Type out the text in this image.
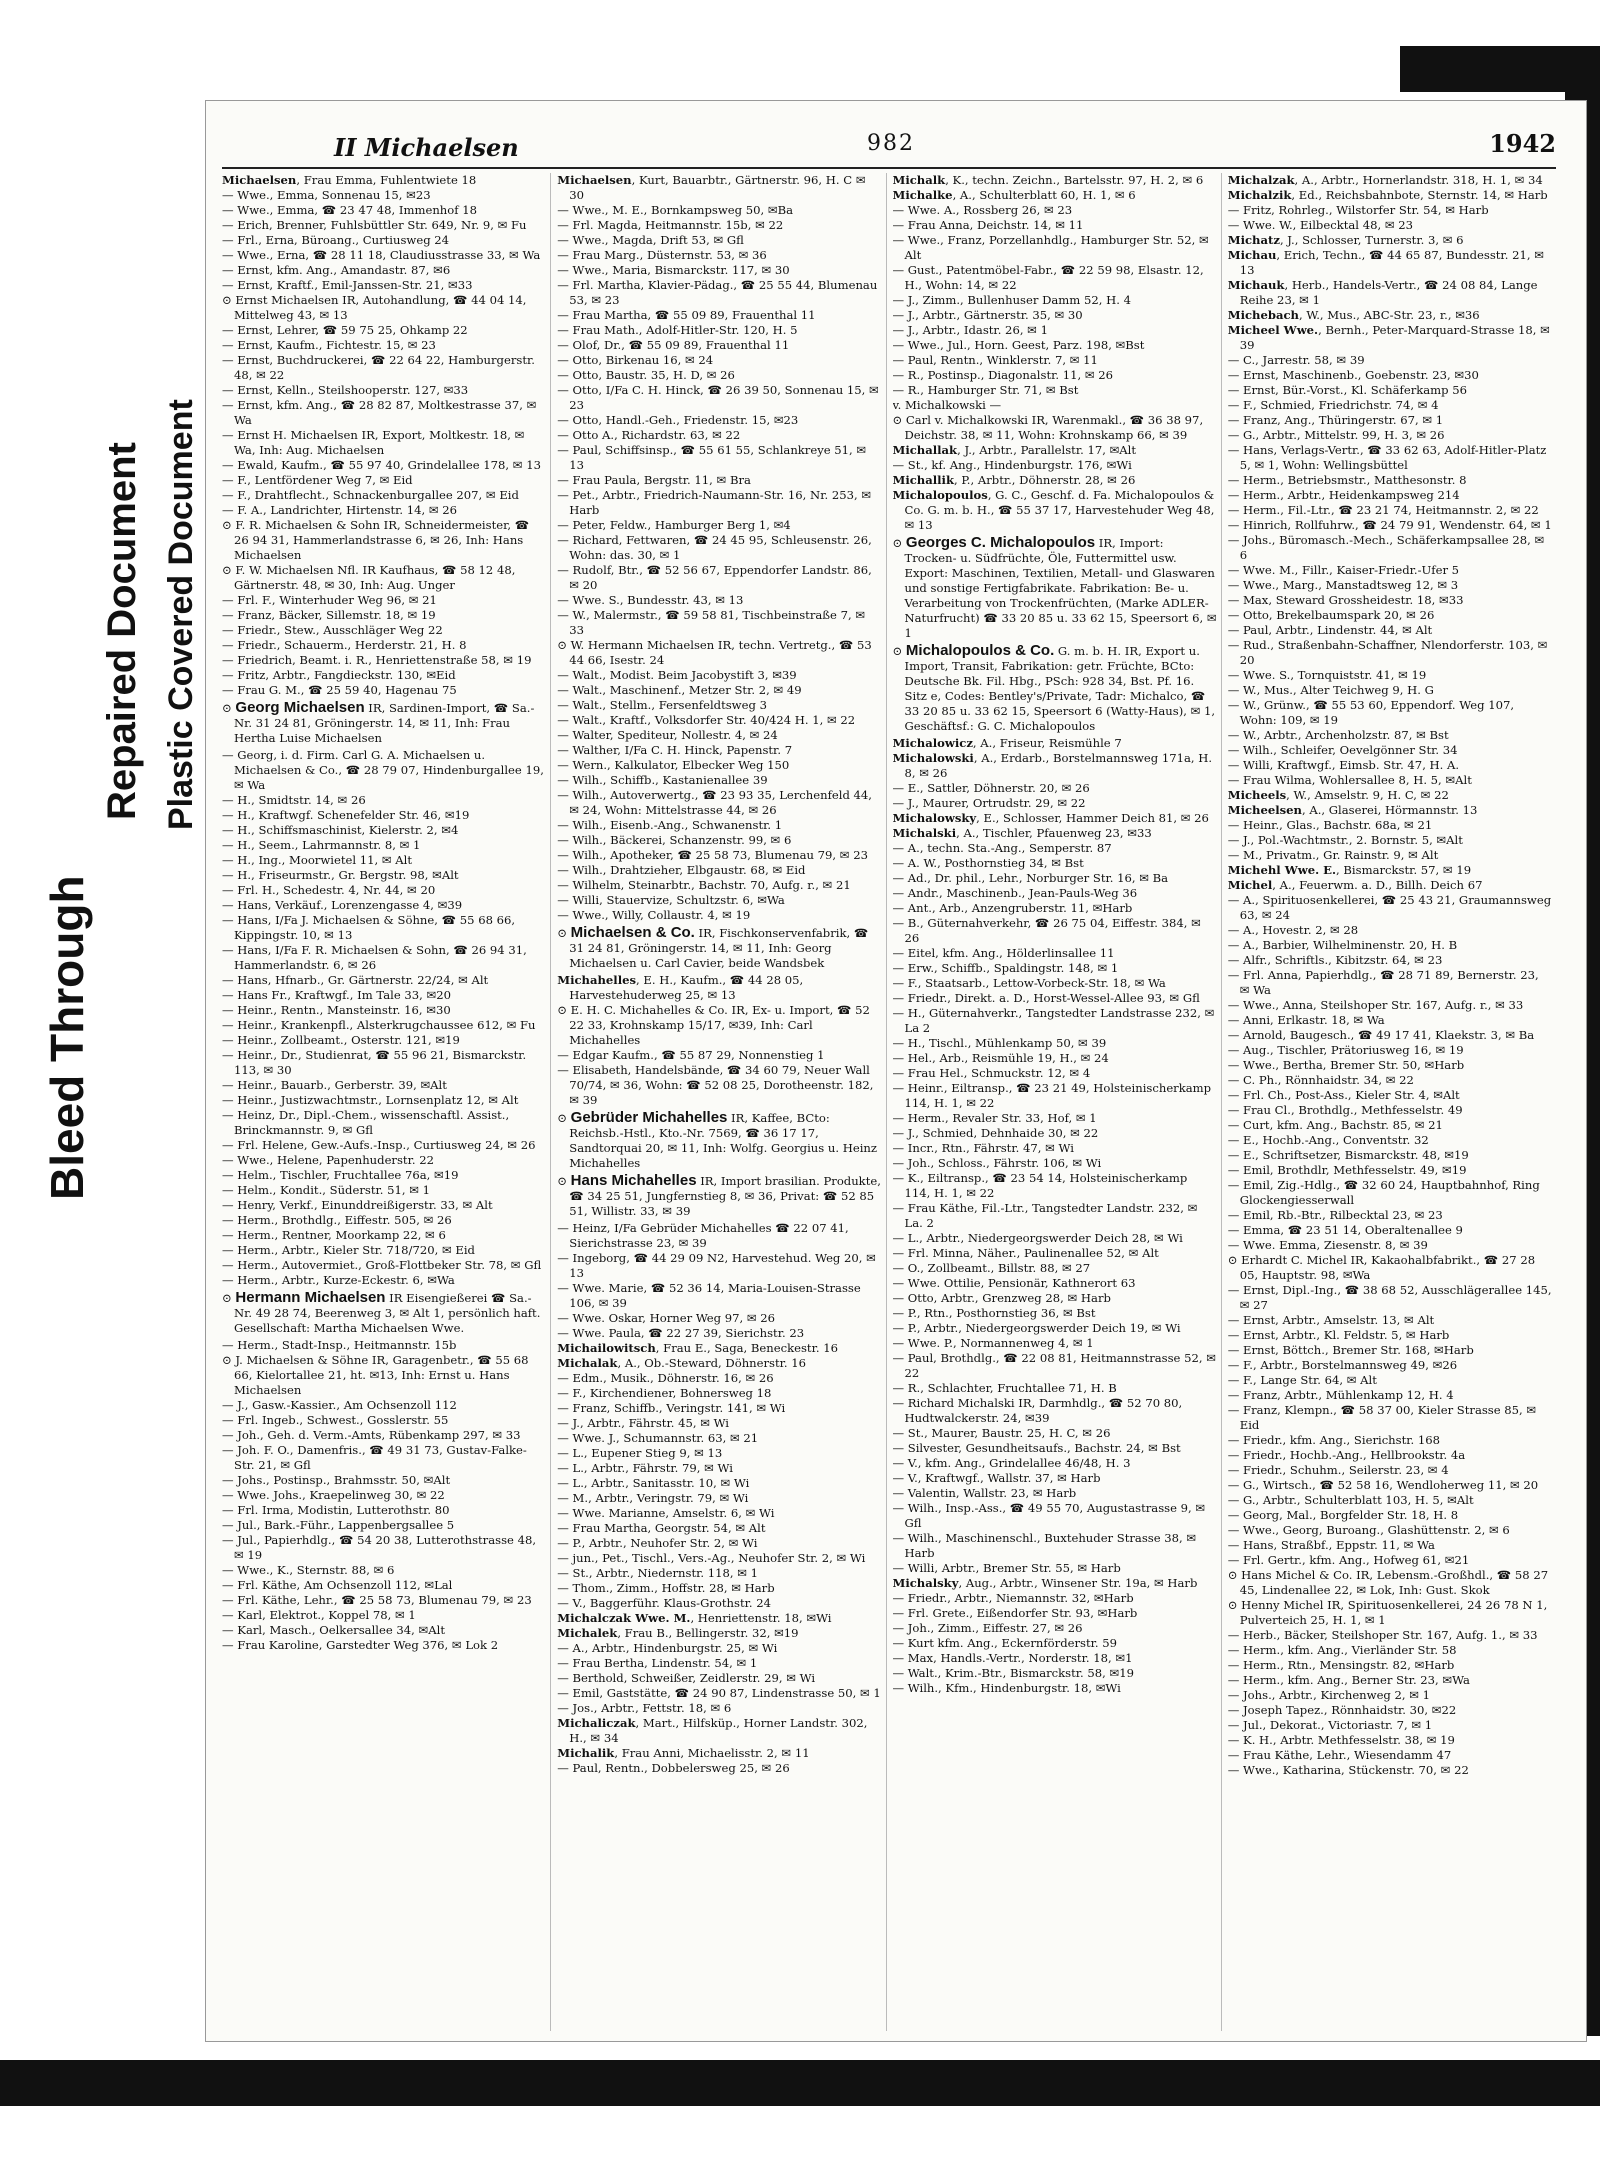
Bleed Through
Repaired Document Plastic Covered Document
II Michaelsen	982	1942

Michaelsen, Frau Emma, Fuhlentwiete 18

— Wwe., Emma, Sonnenau 15, ✉23

— Wwe., Emma, ☎ 23 47 48, Immenhof 18

— Erich, Brenner, Fuhlsbüttler Str. 649, Nr. 9, ✉ Fu

— Frl., Erna, Büroang., Curtiusweg 24

— Wwe., Erna, ☎ 28 11 18, Claudiusstrasse 33, ✉ Wa

— Ernst, kfm. Ang., Amandastr. 87, ✉6

— Ernst, Kraftf., Emil-Janssen-Str. 21, ✉33

⊙ Ernst Michaelsen IR, Autohandlung, ☎ 44 04 14, Mittelweg 43, ✉ 13

— Ernst, Lehrer, ☎ 59 75 25, Ohkamp 22

— Ernst, Kaufm., Fichtestr. 15, ✉ 23

— Ernst, Buchdruckerei, ☎ 22 64 22, Hamburgerstr. 48, ✉ 22

— Ernst, Kelln., Steilshooperstr. 127, ✉33

— Ernst, kfm. Ang., ☎ 28 82 87, Moltkestrasse 37, ✉ Wa

— Ernst H. Michaelsen IR, Export, Moltkestr. 18, ✉ Wa, Inh: Aug. Michaelsen

— Ewald, Kaufm., ☎ 55 97 40, Grindelallee 178, ✉ 13

— F., Lentfördener Weg 7, ✉ Eid

— F., Drahtflecht., Schnackenburgallee 207, ✉ Eid

— F. A., Landrichter, Hirtenstr. 14, ✉ 26

⊙ F. R. Michaelsen & Sohn IR, Schneidermeister, ☎ 26 94 31, Hammerlandstrasse 6, ✉ 26, Inh: Hans Michaelsen

⊙ F. W. Michaelsen Nfl. IR Kaufhaus, ☎ 58 12 48, Gärtnerstr. 48, ✉ 30, Inh: Aug. Unger

— Frl. F., Winterhuder Weg 96, ✉ 21

— Franz, Bäcker, Sillemstr. 18, ✉ 19

— Friedr., Stew., Ausschläger Weg 22

— Friedr., Schauerm., Herderstr. 21, H. 8

— Friedrich, Beamt. i. R., Henriettenstraße 58, ✉ 19

— Fritz, Arbtr., Fangdieckstr. 130, ✉Eid

— Frau G. M., ☎ 25 59 40, Hagenau 75

⊙ Georg Michaelsen IR, Sardinen-Import, ☎ Sa.-Nr. 31 24 81, Gröningerstr. 14, ✉ 11, Inh: Frau Hertha Luise Michaelsen

— Georg, i. d. Firm. Carl G. A. Michaelsen u. Michaelsen & Co., ☎ 28 79 07, Hindenburgallee 19, ✉ Wa

— H., Smidtstr. 14, ✉ 26

— H., Kraftwgf. Schenefelder Str. 46, ✉19

— H., Schiffsmaschinist, Kielerstr. 2, ✉4

— H., Seem., Lahrmannstr. 8, ✉ 1

— H., Ing., Moorwietel 11, ✉ Alt

— H., Friseurmstr., Gr. Bergstr. 98, ✉Alt

— Frl. H., Schedestr. 4, Nr. 44, ✉ 20

— Hans, Verkäuf., Lorenzengasse 4, ✉39

— Hans, I/Fa J. Michaelsen & Söhne, ☎ 55 68 66, Kippingstr. 10, ✉ 13

— Hans, I/Fa F. R. Michaelsen & Sohn, ☎ 26 94 31, Hammerlandstr. 6, ✉ 26

— Hans, Hfnarb., Gr. Gärtnerstr. 22/24, ✉ Alt

— Hans Fr., Kraftwgf., Im Tale 33, ✉20

— Heinr., Rentn., Mansteinstr. 16, ✉30

— Heinr., Krankenpfl., Alsterkrugchaussee 612, ✉ Fu

— Heinr., Zollbeamt., Osterstr. 121, ✉19

— Heinr., Dr., Studienrat, ☎ 55 96 21, Bismarckstr. 113, ✉ 30

— Heinr., Bauarb., Gerberstr. 39, ✉Alt

— Heinr., Justizwachtmstr., Lornsenplatz 12, ✉ Alt

— Heinz, Dr., Dipl.-Chem., wissenschaftl. Assist., Brinckmannstr. 9, ✉ Gfl

— Frl. Helene, Gew.-Aufs.-Insp., Curtiusweg 24, ✉ 26

— Wwe., Helene, Papenhuderstr. 22

— Helm., Tischler, Fruchtallee 76a, ✉19

— Helm., Kondit., Süderstr. 51, ✉ 1

— Henry, Verkf., Einunddreißigerstr. 33, ✉ Alt

— Herm., Brothdlg., Eiffestr. 505, ✉ 26

— Herm., Rentner, Moorkamp 22, ✉ 6

— Herm., Arbtr., Kieler Str. 718/720, ✉ Eid

— Herm., Autovermiet., Groß-Flottbeker Str. 78, ✉ Gfl

— Herm., Arbtr., Kurze-Eckestr. 6, ✉Wa

⊙ Hermann Michaelsen IR Eisengießerei ☎ Sa.-Nr. 49 28 74, Beerenweg 3, ✉ Alt 1, persönlich haft. Gesellschaft: Martha Michaelsen Wwe.

— Herm., Stadt-Insp., Heitmannstr. 15b

⊙ J. Michaelsen & Söhne IR, Garagenbetr., ☎ 55 68 66, Kielortallee 21, ht. ✉13, Inh: Ernst u. Hans Michaelsen

— J., Gasw.-Kassier., Am Ochsenzoll 112

— Frl. Ingeb., Schwest., Gosslerstr. 55

— Joh., Geh. d. Verm.-Amts, Rübenkamp 297, ✉ 33

— Joh. F. O., Damenfris., ☎ 49 31 73, Gustav-Falke-Str. 21, ✉ Gfl

— Johs., Postinsp., Brahmsstr. 50, ✉Alt

— Wwe. Johs., Kraepelinweg 30, ✉ 22

— Frl. Irma, Modistin, Lutterothstr. 80

— Jul., Bark.-Führ., Lappenbergsallee 5

— Jul., Papierhdlg., ☎ 54 20 38, Lutterothstrasse 48, ✉ 19

— Wwe., K., Sternstr. 88, ✉ 6

— Frl. Käthe, Am Ochsenzoll 112, ✉Lal

— Frl. Käthe, Lehr., ☎ 25 58 73, Blumenau 79, ✉ 23

— Karl, Elektrot., Koppel 78, ✉ 1

— Karl, Masch., Oelkersallee 34, ✉Alt

— Frau Karoline, Garstedter Weg 376, ✉ Lok 2

Michaelsen, Kurt, Bauarbtr., Gärtnerstr. 96, H. C ✉ 30

— Wwe., M. E., Bornkampsweg 50, ✉Ba

— Frl. Magda, Heitmannstr. 15b, ✉ 22

— Wwe., Magda, Drift 53, ✉ Gfl

— Frau Marg., Düsternstr. 53, ✉ 36

— Wwe., Maria, Bismarckstr. 117, ✉ 30

— Frl. Martha, Klavier-Pädag., ☎ 25 55 44, Blumenau 53, ✉ 23

— Frau Martha, ☎ 55 09 89, Frauenthal 11

— Frau Math., Adolf-Hitler-Str. 120, H. 5

— Olof, Dr., ☎ 55 09 89, Frauenthal 11

— Otto, Birkenau 16, ✉ 24

— Otto, Baustr. 35, H. D, ✉ 26

— Otto, I/Fa C. H. Hinck, ☎ 26 39 50, Sonnenau 15, ✉ 23

— Otto, Handl.-Geh., Friedenstr. 15, ✉23

— Otto A., Richardstr. 63, ✉ 22

— Paul, Schiffsinsp., ☎ 55 61 55, Schlankreye 51, ✉ 13

— Frau Paula, Bergstr. 11, ✉ Bra

— Pet., Arbtr., Friedrich-Naumann-Str. 16, Nr. 253, ✉ Harb

— Peter, Feldw., Hamburger Berg 1, ✉4

— Richard, Fettwaren, ☎ 24 45 95, Schleusenstr. 26, Wohn: das. 30, ✉ 1

— Rudolf, Btr., ☎ 52 56 67, Eppendorfer Landstr. 86, ✉ 20

— Wwe. S., Bundesstr. 43, ✉ 13

— W., Malermstr., ☎ 59 58 81, Tischbeinstraße 7, ✉ 33

⊙ W. Hermann Michaelsen IR, techn. Vertretg., ☎ 53 44 66, Isestr. 24

— Walt., Modist. Beim Jacobystift 3, ✉39

— Walt., Maschinenf., Metzer Str. 2, ✉ 49

— Walt., Stellm., Fersenfeldtsweg 3

— Walt., Kraftf., Volksdorfer Str. 40/424 H. 1, ✉ 22

— Walter, Spediteur, Nollestr. 4, ✉ 24

— Walther, I/Fa C. H. Hinck, Papenstr. 7

— Wern., Kalkulator, Elbecker Weg 150

— Wilh., Schiffb., Kastanienallee 39

— Wilh., Autoverwertg., ☎ 23 93 35, Lerchenfeld 44, ✉ 24, Wohn: Mittelstrasse 44, ✉ 26

— Wilh., Eisenb.-Ang., Schwanenstr. 1

— Wilh., Bäckerei, Schanzenstr. 99, ✉ 6

— Wilh., Apotheker, ☎ 25 58 73, Blumenau 79, ✉ 23

— Wilh., Drahtzieher, Elbgaustr. 68, ✉ Eid

— Wilhelm, Steinarbtr., Bachstr. 70, Aufg. r., ✉ 21

— Willi, Stauervize, Schultzstr. 6, ✉Wa

— Wwe., Willy, Collaustr. 4, ✉ 19

⊙ Michaelsen & Co. IR, Fischkonservenfabrik, ☎ 31 24 81, Gröningerstr. 14, ✉ 11, Inh: Georg Michaelsen u. Carl Cavier, beide Wandsbek

Michahelles, E. H., Kaufm., ☎ 44 28 05, Harvestehuderweg 25, ✉ 13

⊙ E. H. C. Michahelles & Co. IR, Ex- u. Import, ☎ 52 22 33, Krohnskamp 15/17, ✉39, Inh: Carl Michahelles

— Edgar Kaufm., ☎ 55 87 29, Nonnenstieg 1

— Elisabeth, Handelsbände, ☎ 34 60 79, Neuer Wall 70/74, ✉ 36, Wohn: ☎ 52 08 25, Dorotheenstr. 182, ✉ 39

⊙ Gebrüder Michahelles IR, Kaffee, BCto: Reichsb.-Hstl., Kto.-Nr. 7569, ☎ 36 17 17, Sandtorquai 20, ✉ 11, Inh: Wolfg. Georgius u. Heinz Michahelles

⊙ Hans Michahelles IR, Import brasilian. Produkte, ☎ 34 25 51, Jungfernstieg 8, ✉ 36, Privat: ☎ 52 85 51, Willistr. 33, ✉ 39

— Heinz, I/Fa Gebrüder Michahelles ☎ 22 07 41, Sierichstrasse 23, ✉ 39

— Ingeborg, ☎ 44 29 09 N2, Harvestehud. Weg 20, ✉ 13

— Wwe. Marie, ☎ 52 36 14, Maria-Louisen-Strasse 106, ✉ 39

— Wwe. Oskar, Horner Weg 97, ✉ 26

— Wwe. Paula, ☎ 22 27 39, Sierichstr. 23

Michailowitsch, Frau E., Saga, Beneckestr. 16

Michalak, A., Ob.-Steward, Döhnerstr. 16

— Edm., Musik., Döhnerstr. 16, ✉ 26

— F., Kirchendiener, Bohnersweg 18

— Franz, Schiffb., Veringstr. 141, ✉ Wi

— J., Arbtr., Fährstr. 45, ✉ Wi

— Wwe. J., Schumannstr. 63, ✉ 21

— L., Eupener Stieg 9, ✉ 13

— L., Arbtr., Fährstr. 79, ✉ Wi

— L., Arbtr., Sanitasstr. 10, ✉ Wi

— M., Arbtr., Veringstr. 79, ✉ Wi

— Wwe. Marianne, Amselstr. 6, ✉ Wi

— Frau Martha, Georgstr. 54, ✉ Alt

— P., Arbtr., Neuhofer Str. 2, ✉ Wi

— jun., Pet., Tischl., Vers.-Ag., Neuhofer Str. 2, ✉ Wi

— St., Arbtr., Niedernstr. 118, ✉ 1

— Thom., Zimm., Hoffstr. 28, ✉ Harb

— V., Baggerführ. Klaus-Grothstr. 24

Michalczak Wwe. M., Henriettenstr. 18, ✉Wi

Michalek, Frau B., Bellingerstr. 32, ✉19

— A., Arbtr., Hindenburgstr. 25, ✉ Wi

— Frau Bertha, Lindenstr. 54, ✉ 1

— Berthold, Schweißer, Zeidlerstr. 29, ✉ Wi

— Emil, Gaststätte, ☎ 24 90 87, Lindenstrasse 50, ✉ 1

— Jos., Arbtr., Fettstr. 18, ✉ 6

Michaliczak, Mart., Hilfsküp., Horner Landstr. 302, H., ✉ 34

Michalik, Frau Anni, Michaelisstr. 2, ✉ 11

— Paul, Rentn., Dobbelersweg 25, ✉ 26

Michalk, K., techn. Zeichn., Bartelsstr. 97, H. 2, ✉ 6

Michalke, A., Schulterblatt 60, H. 1, ✉ 6

— Wwe. A., Rossberg 26, ✉ 23

— Frau Anna, Deichstr. 14, ✉ 11

— Wwe., Franz, Porzellanhdlg., Hamburger Str. 52, ✉ Alt

— Gust., Patentmöbel-Fabr., ☎ 22 59 98, Elsastr. 12, H., Wohn: 14, ✉ 22

— J., Zimm., Bullenhuser Damm 52, H. 4

— J., Arbtr., Gärtnerstr. 35, ✉ 30

— J., Arbtr., Idastr. 26, ✉ 1

— Wwe., Jul., Horn. Geest, Parz. 198, ✉Bst

— Paul, Rentn., Winklerstr. 7, ✉ 11

— R., Postinsp., Diagonalstr. 11, ✉ 26

— R., Hamburger Str. 71, ✉ Bst

v. Michalkowski —

⊙ Carl v. Michalkowski IR, Warenmakl., ☎ 36 38 97, Deichstr. 38, ✉ 11, Wohn: Krohnskamp 66, ✉ 39

Michallak, J., Arbtr., Parallelstr. 17, ✉Alt

— St., kf. Ang., Hindenburgstr. 176, ✉Wi

Michallik, P., Arbtr., Döhnerstr. 28, ✉ 26

Michalopoulos, G. C., Geschf. d. Fa. Michalopoulos & Co. G. m. b. H., ☎ 55 37 17, Harvestehuder Weg 48, ✉ 13

⊙ Georges C. Michalopoulos IR, Import: Trocken- u. Südfrüchte, Öle, Futtermittel usw. Export: Maschinen, Textilien, Metall- und Glaswaren und sonstige Fertigfabrikate. Fabrikation: Be- u. Verarbeitung von Trockenfrüchten, (Marke ADLER-Naturfrucht) ☎ 33 20 85 u. 33 62 15, Speersort 6, ✉ 1

⊙ Michalopoulos & Co. G. m. b. H. IR, Export u. Import, Transit, Fabrikation: getr. Früchte, BCto: Deutsche Bk. Fil. Hbg., PSch: 928 34, Bst. Pf. 16. Sitz e, Codes: Bentley's/Private, Tadr: Michalco, ☎ 33 20 85 u. 33 62 15, Speersort 6 (Watty-Haus), ✉ 1, Geschäftsf.: G. C. Michalopoulos

Michalowicz, A., Friseur, Reismühle 7

Michalowski, A., Erdarb., Borstelmannsweg 171a, H. 8, ✉ 26

— E., Sattler, Döhnerstr. 20, ✉ 26

— J., Maurer, Ortrudstr. 29, ✉ 22

Michalowsky, E., Schlosser, Hammer Deich 81, ✉ 26

Michalski, A., Tischler, Pfauenweg 23, ✉33

— A., techn. Sta.-Ang., Semperstr. 87

— A. W., Posthornstieg 34, ✉ Bst

— Ad., Dr. phil., Lehr., Norburger Str. 16, ✉ Ba

— Andr., Maschinenb., Jean-Pauls-Weg 36

— Ant., Arb., Anzengruberstr. 11, ✉Harb

— B., Güternahverkehr, ☎ 26 75 04, Eiffestr. 384, ✉ 26

— Eitel, kfm. Ang., Hölderlinsallee 11

— Erw., Schiffb., Spaldingstr. 148, ✉ 1

— F., Staatsarb., Lettow-Vorbeck-Str. 18, ✉ Wa

— Friedr., Direkt. a. D., Horst-Wessel-Allee 93, ✉ Gfl

— H., Güternahverkr., Tangstedter Landstrasse 232, ✉ La 2

— H., Tischl., Mühlenkamp 50, ✉ 39

— Hel., Arb., Reismühle 19, H., ✉ 24

— Frau Hel., Schmuckstr. 12, ✉ 4

— Heinr., Eiltransp., ☎ 23 21 49, Holsteinischerkamp 114, H. 1, ✉ 22

— Herm., Revaler Str. 33, Hof, ✉ 1

— J., Schmied, Dehnhaide 30, ✉ 22

— Incr., Rtn., Fährstr. 47, ✉ Wi

— Joh., Schloss., Fährstr. 106, ✉ Wi

— K., Eiltransp., ☎ 23 54 14, Holsteinischerkamp 114, H. 1, ✉ 22

— Frau Käthe, Fil.-Ltr., Tangstedter Landstr. 232, ✉ La. 2

— L., Arbtr., Niedergeorgswerder Deich 28, ✉ Wi

— Frl. Minna, Näher., Paulinenallee 52, ✉ Alt

— O., Zollbeamt., Billstr. 88, ✉ 27

— Wwe. Ottilie, Pensionär, Kathnerort 63

— Otto, Arbtr., Grenzweg 28, ✉ Harb

— P., Rtn., Posthornstieg 36, ✉ Bst

— P., Arbtr., Niedergeorgswerder Deich 19, ✉ Wi

— Wwe. P., Normannenweg 4, ✉ 1

— Paul, Brothdlg., ☎ 22 08 81, Heitmannstrasse 52, ✉ 22

— R., Schlachter, Fruchtallee 71, H. B

— Richard Michalski IR, Darmhdlg., ☎ 52 70 80, Hudtwalckerstr. 24, ✉39

— St., Maurer, Baustr. 25, H. C, ✉ 26

— Silvester, Gesundheitsaufs., Bachstr. 24, ✉ Bst

— V., kfm. Ang., Grindelallee 46/48, H. 3

— V., Kraftwgf., Wallstr. 37, ✉ Harb

— Valentin, Wallstr. 23, ✉ Harb

— Wilh., Insp.-Ass., ☎ 49 55 70, Augustastrasse 9, ✉ Gfl

— Wilh., Maschinenschl., Buxtehuder Strasse 38, ✉ Harb

— Willi, Arbtr., Bremer Str. 55, ✉ Harb

Michalsky, Aug., Arbtr., Winsener Str. 19a, ✉ Harb

— Friedr., Arbtr., Niemannstr. 32, ✉Harb

— Frl. Grete., Eißendorfer Str. 93, ✉Harb

— Joh., Zimm., Eiffestr. 27, ✉ 26

— Kurt kfm. Ang., Eckernförderstr. 59

— Max, Handls.-Vertr., Norderstr. 18, ✉1

— Walt., Krim.-Btr., Bismarckstr. 58, ✉19

— Wilh., Kfm., Hindenburgstr. 18, ✉Wi

Michalzak, A., Arbtr., Hornerlandstr. 318, H. 1, ✉ 34

Michalzik, Ed., Reichsbahnbote, Sternstr. 14, ✉ Harb

— Fritz, Rohrleg., Wilstorfer Str. 54, ✉ Harb

— Wwe. W., Eilbecktal 48, ✉ 23

Michatz, J., Schlosser, Turnerstr. 3, ✉ 6

Michau, Erich, Techn., ☎ 44 65 87, Bundesstr. 21, ✉ 13

Michauk, Herb., Handels-Vertr., ☎ 24 08 84, Lange Reihe 23, ✉ 1

Michebach, W., Mus., ABC-Str. 23, r., ✉36

Micheel Wwe., Bernh., Peter-Marquard-Strasse 18, ✉ 39

— C., Jarrestr. 58, ✉ 39

— Ernst, Maschinenb., Goebenstr. 23, ✉30

— Ernst, Bür.-Vorst., Kl. Schäferkamp 56

— F., Schmied, Friedrichstr. 74, ✉ 4

— Franz, Ang., Thüringerstr. 67, ✉ 1

— G., Arbtr., Mittelstr. 99, H. 3, ✉ 26

— Hans, Verlags-Vertr., ☎ 33 62 63, Adolf-Hitler-Platz 5, ✉ 1, Wohn: Wellingsbüttel

— Herm., Betriebsmstr., Matthesonstr. 8

— Herm., Arbtr., Heidenkampsweg 214

— Herm., Fil.-Ltr., ☎ 23 21 74, Heitmannstr. 2, ✉ 22

— Hinrich, Rollfuhrw., ☎ 24 79 91, Wendenstr. 64, ✉ 1

— Johs., Büromasch.-Mech., Schäferkampsallee 28, ✉ 6

— Wwe. M., Fillr., Kaiser-Friedr.-Ufer 5

— Wwe., Marg., Manstadtsweg 12, ✉ 3

— Max, Steward Grossheidestr. 18, ✉33

— Otto, Brekelbaumspark 20, ✉ 26

— Paul, Arbtr., Lindenstr. 44, ✉ Alt

— Rud., Straßenbahn-Schaffner, Nlendorferstr. 103, ✉ 20

— Wwe. S., Tornquiststr. 41, ✉ 19

— W., Mus., Alter Teichweg 9, H. G

— W., Grünw., ☎ 55 53 60, Eppendorf. Weg 107, Wohn: 109, ✉ 19

— W., Arbtr., Archenholzstr. 87, ✉ Bst

— Wilh., Schleifer, Oevelgönner Str. 34

— Willi, Kraftwgf., Eimsb. Str. 47, H. A.

— Frau Wilma, Wohlersallee 8, H. 5, ✉Alt

Micheels, W., Amselstr. 9, H. C, ✉ 22

Micheelsen, A., Glaserei, Hörmannstr. 13

— Heinr., Glas., Bachstr. 68a, ✉ 21

— J., Pol.-Wachtmstr., 2. Bornstr. 5, ✉Alt

— M., Privatm., Gr. Rainstr. 9, ✉ Alt

Michehl Wwe. E., Bismarckstr. 57, ✉ 19

Michel, A., Feuerwm. a. D., Billh. Deich 67

— A., Spirituosenkellerei, ☎ 25 43 21, Graumannsweg 63, ✉ 24

— A., Hovestr. 2, ✉ 28

— A., Barbier, Wilhelminenstr. 20, H. B

— Alfr., Schriftls., Kibitzstr. 64, ✉ 23

— Frl. Anna, Papierhdlg., ☎ 28 71 89, Bernerstr. 23, ✉ Wa

— Wwe., Anna, Steilshoper Str. 167, Aufg. r., ✉ 33

— Anni, Erlkastr. 18, ✉ Wa

— Arnold, Baugesch., ☎ 49 17 41, Klaekstr. 3, ✉ Ba

— Aug., Tischler, Prätoriusweg 16, ✉ 19

— Wwe., Bertha, Bremer Str. 50, ✉Harb

— C. Ph., Rönnhaidstr. 34, ✉ 22

— Frl. Ch., Post-Ass., Kieler Str. 4, ✉Alt

— Frau Cl., Brothdlg., Methfesselstr. 49

— Curt, kfm. Ang., Bachstr. 85, ✉ 21

— E., Hochb.-Ang., Conventstr. 32

— E., Schriftsetzer, Bismarckstr. 48, ✉19

— Emil, Brothdlr, Methfesselstr. 49, ✉19

— Emil, Zig.-Hdlg., ☎ 32 60 24, Hauptbahnhof, Ring Glockengiesserwall

— Emil, Rb.-Btr., Rilbecktal 23, ✉ 23

— Emma, ☎ 23 51 14, Oberaltenallee 9

— Wwe. Emma, Ziesenstr. 8, ✉ 39

⊙ Erhardt C. Michel IR, Kakaohalbfabrikt., ☎ 27 28 05, Hauptstr. 98, ✉Wa

— Ernst, Dipl.-Ing., ☎ 38 68 52, Ausschlägerallee 145, ✉ 27

— Ernst, Arbtr., Amselstr. 13, ✉ Alt

— Ernst, Arbtr., Kl. Feldstr. 5, ✉ Harb

— Ernst, Böttch., Bremer Str. 168, ✉Harb

— F., Arbtr., Borstelmannsweg 49, ✉26

— F., Lange Str. 64, ✉ Alt

— Franz, Arbtr., Mühlenkamp 12, H. 4

— Franz, Klempn., ☎ 58 37 00, Kieler Strasse 85, ✉ Eid

— Friedr., kfm. Ang., Sierichstr. 168

— Friedr., Hochb.-Ang., Hellbrookstr. 4a

— Friedr., Schuhm., Seilerstr. 23, ✉ 4

— G., Wirtsch., ☎ 52 58 16, Wendloherweg 11, ✉ 20

— G., Arbtr., Schulterblatt 103, H. 5, ✉Alt

— Georg, Mal., Borgfelder Str. 18, H. 8

— Wwe., Georg, Buroang., Glashüttenstr. 2, ✉ 6

— Hans, Straßbf., Eppstr. 11, ✉ Wa

— Frl. Gertr., kfm. Ang., Hofweg 61, ✉21

⊙ Hans Michel & Co. IR, Lebensm.-Großhdl., ☎ 58 27 45, Lindenallee 22, ✉ Lok, Inh: Gust. Skok

⊙ Henny Michel IR, Spirituosenkellerei, 24 26 78 N 1, Pulverteich 25, H. 1, ✉ 1

— Herb., Bäcker, Steilshoper Str. 167, Aufg. 1., ✉ 33

— Herm., kfm. Ang., Vierländer Str. 58

— Herm., Rtn., Mensingstr. 82, ✉Harb

— Herm., kfm. Ang., Berner Str. 23, ✉Wa

— Johs., Arbtr., Kirchenweg 2, ✉ 1

— Joseph Tapez., Rönnhaidstr. 30, ✉22

— Jul., Dekorat., Victoriastr. 7, ✉ 1

— K. H., Arbtr. Methfesselstr. 38, ✉ 19

— Frau Käthe, Lehr., Wiesendamm 47

— Wwe., Katharina, Stückenstr. 70, ✉ 22
